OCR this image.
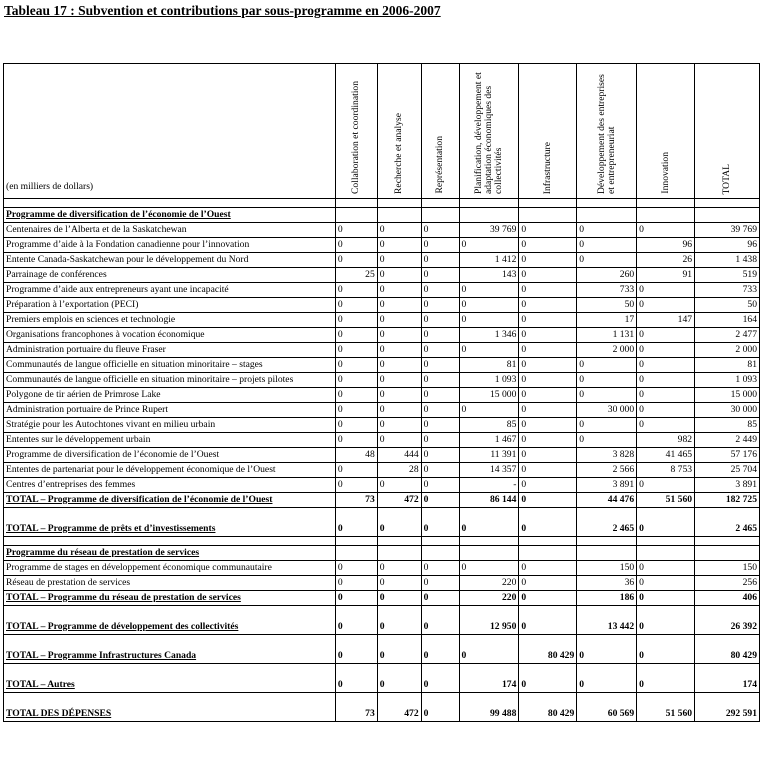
Tableau 17 : Subvention et contributions par sous-programme en 2006-2007
(en milliers de dollars)	Collaboration et coordination	Recherche et analyse	Représentation	Planification, développement et adaptation économiques des collectivités	Infrastructure	Développement des entreprises et entrepreneuriat	Innovation	TOTAL

Programme de diversification de l’économie de l’Ouest								
Centenaires de l’Alberta et de la Saskatchewan	0	0	0	39 769	0	0	0	39 769
Programme d’aide à la Fondation canadienne pour l’innovation	0	0	0	0	0	0	96	96
Entente Canada-Saskatchewan pour le développement du Nord	0	0	0	1 412	0	0	26	1 438
Parrainage de conférences	25	0	0	143	0	260	91	519
Programme d’aide aux entrepreneurs ayant une incapacité	0	0	0	0	0	733	0	733
Préparation à l’exportation (PECI)	0	0	0	0	0	50	0	50
Premiers emplois en sciences et technologie	0	0	0	0	0	17	147	164
Organisations francophones à vocation économique	0	0	0	1 346	0	1 131	0	2 477
Administration portuaire du fleuve Fraser	0	0	0	0	0	2 000	0	2 000
Communautés de langue officielle en situation minoritaire – stages	0	0	0	81	0	0	0	81
Communautés de langue officielle en situation minoritaire – projets pilotes	0	0	0	1 093	0	0	0	1 093
Polygone de tir aérien de Primrose Lake	0	0	0	15 000	0	0	0	15 000
Administration portuaire de Prince Rupert	0	0	0	0	0	30 000	0	30 000
Stratégie pour les Autochtones vivant en milieu urbain	0	0	0	85	0	0	0	85
Ententes sur le développement urbain	0	0	0	1 467	0	0	982	2 449
Programme de diversification de l’économie de l’Ouest	48	444	0	11 391	0	3 828	41 465	57 176
Ententes de partenariat pour le développement économique de l’Ouest	0	28	0	14 357	0	2 566	8 753	25 704
Centres d’entreprises des femmes	0	0	0	-	0	3 891	0	3 891
TOTAL – Programme de diversification de l’économie de l’Ouest	73	472	0	86 144	0	44 476	51 560	182 725
TOTAL – Programme de prêts et d’investissements	0	0	0	0	0	2 465	0	2 465

Programme du réseau de prestation de services								
Programme de stages en développement économique communautaire	0	0	0	0	0	150	0	150
Réseau de prestation de services	0	0	0	220	0	36	0	256
TOTAL – Programme du réseau de prestation de services	0	0	0	220	0	186	0	406
TOTAL – Programme de développement des collectivités	0	0	0	12 950	0	13 442	0	26 392
TOTAL – Programme Infrastructures Canada	0	0	0	0	80 429	0	0	80 429
TOTAL – Autres	0	0	0	174	0	0	0	174
TOTAL DES DÉPENSES	73	472	0	99 488	80 429	60 569	51 560	292 591
